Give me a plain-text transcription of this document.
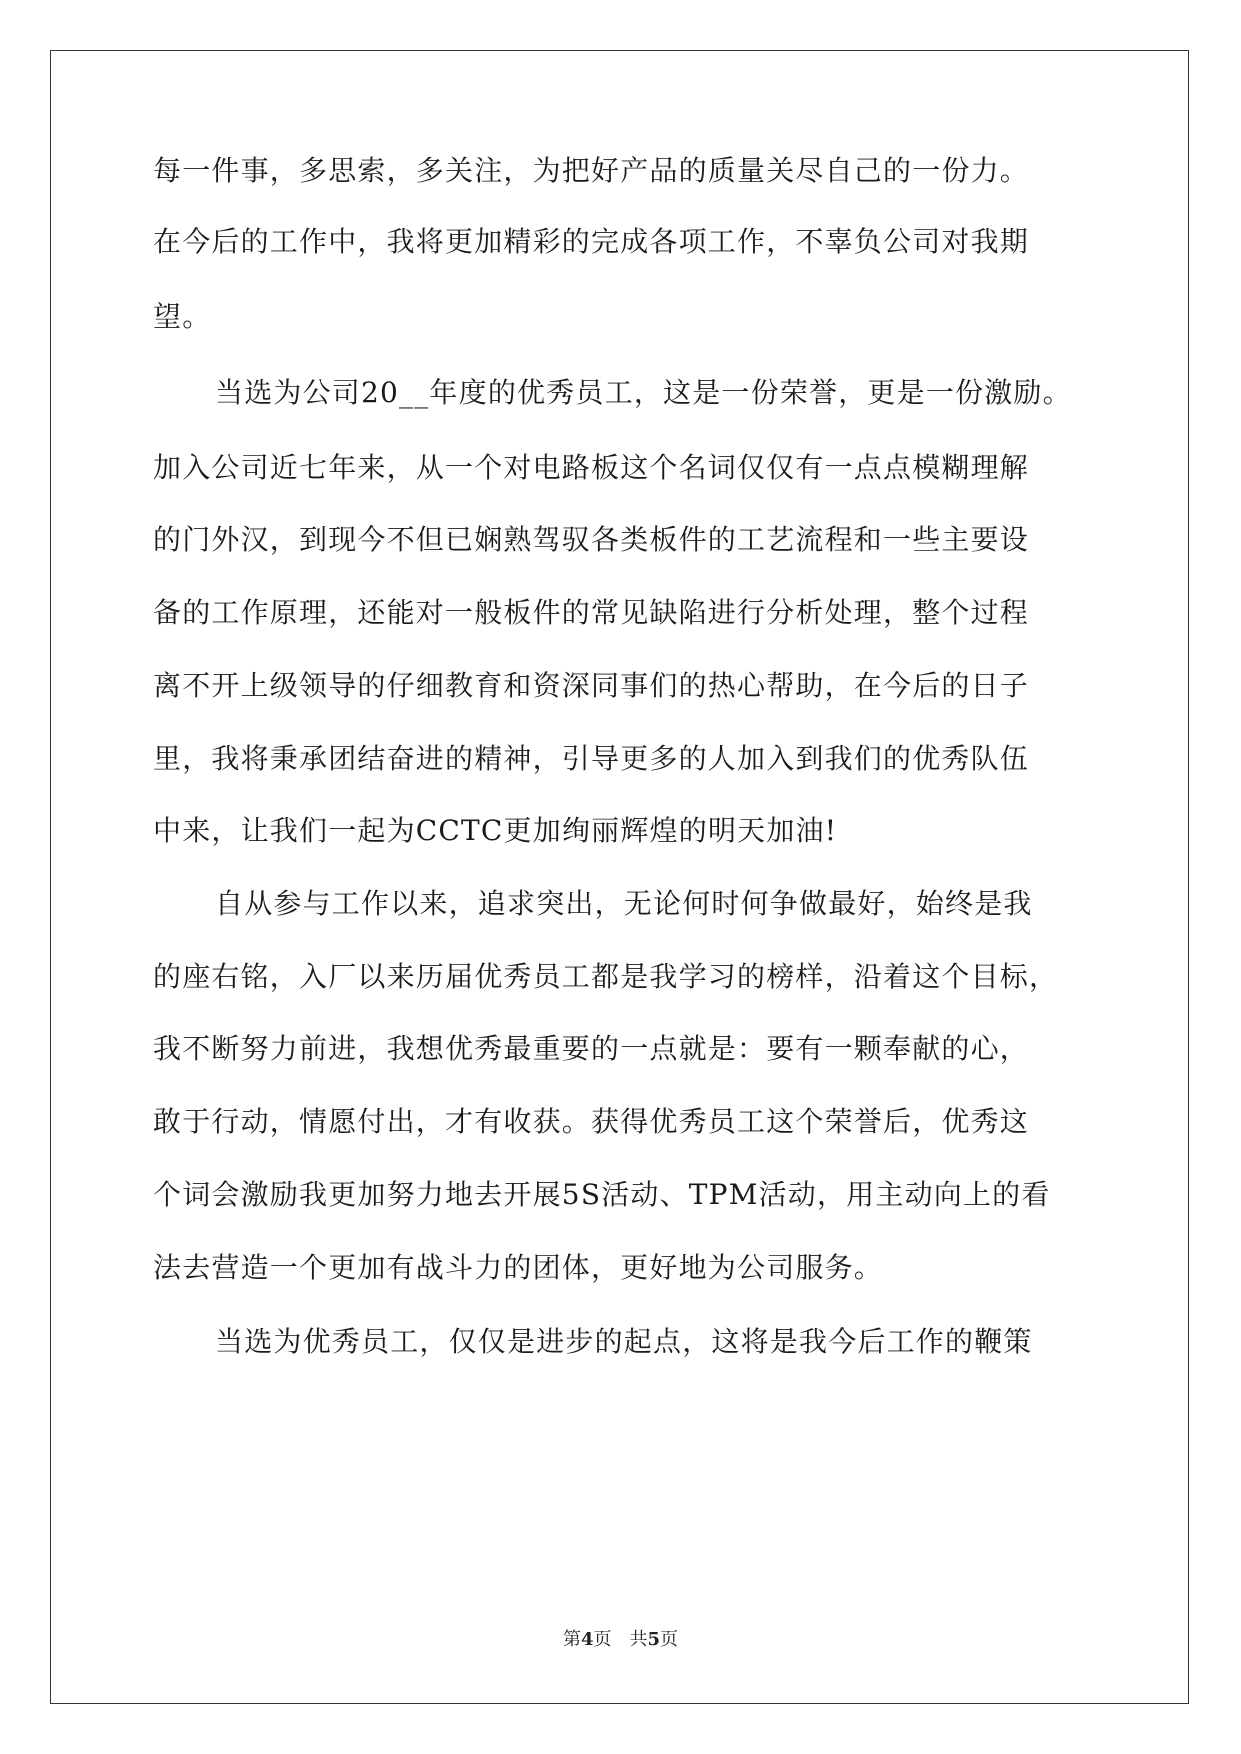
每一件事，多思索，多关注，为把好产品的质量关尽自己的一份力。
在今后的工作中，我将更加精彩的完成各项工作，不辜负公司对我期
望。
当选为公司20__年度的优秀员工，这是一份荣誉，更是一份激励。
加入公司近七年来，从一个对电路板这个名词仅仅有一点点模糊理解
的门外汉，到现今不但已娴熟驾驭各类板件的工艺流程和一些主要设
备的工作原理，还能对一般板件的常见缺陷进行分析处理，整个过程
离不开上级领导的仔细教育和资深同事们的热心帮助，在今后的日子
里，我将秉承团结奋进的精神，引导更多的人加入到我们的优秀队伍
中来，让我们一起为CCTC更加绚丽辉煌的明天加油!
自从参与工作以来，追求突出，无论何时何争做最好，始终是我
的座右铭，入厂以来历届优秀员工都是我学习的榜样，沿着这个目标，
我不断努力前进，我想优秀最重要的一点就是：要有一颗奉献的心，
敢于行动，情愿付出，才有收获。获得优秀员工这个荣誉后，优秀这
个词会激励我更加努力地去开展5S活动、TPM活动，用主动向上的看
法去营造一个更加有战斗力的团体，更好地为公司服务。
当选为优秀员工，仅仅是进步的起点，这将是我今后工作的鞭策
第4页 共5页
